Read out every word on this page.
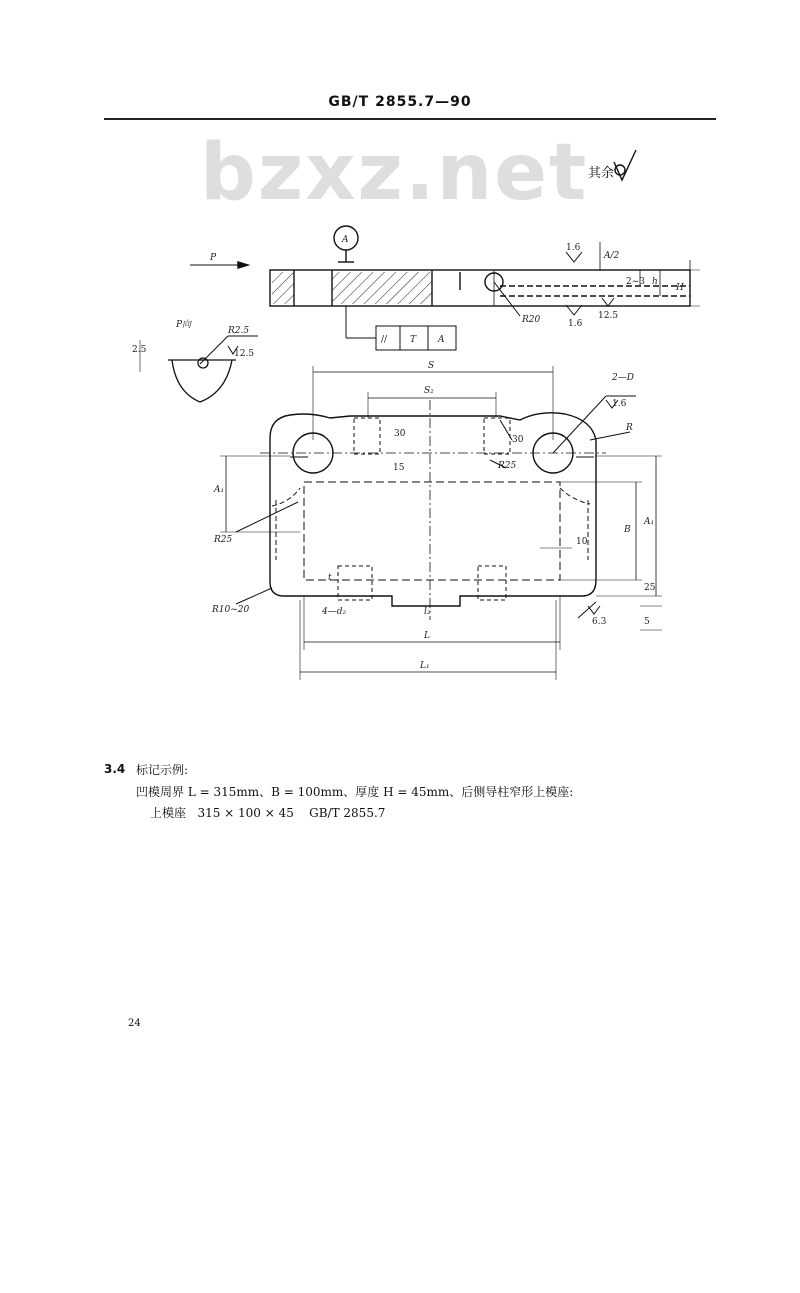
GB/T 2855.7—90
bzxz.net 其余
P
A
//	T A
R20
1.6
1.6
12.5
A/2
2~3 h
H
P向
R2.5
12.5
2.5
S
S₂
2—D
1.6
R
30
30
15	R25
A₁
R25
B
A₁
10
R10~20
t
4—d₂	l₂
6.3
L
L₁
25
5
3.4 标记示例:
凹模周界 L = 315mm、B = 100mm、厚度 H = 45mm、后侧导柱窄形上模座:
上模座   315 × 100 × 45    GB/T 2855.7
24
